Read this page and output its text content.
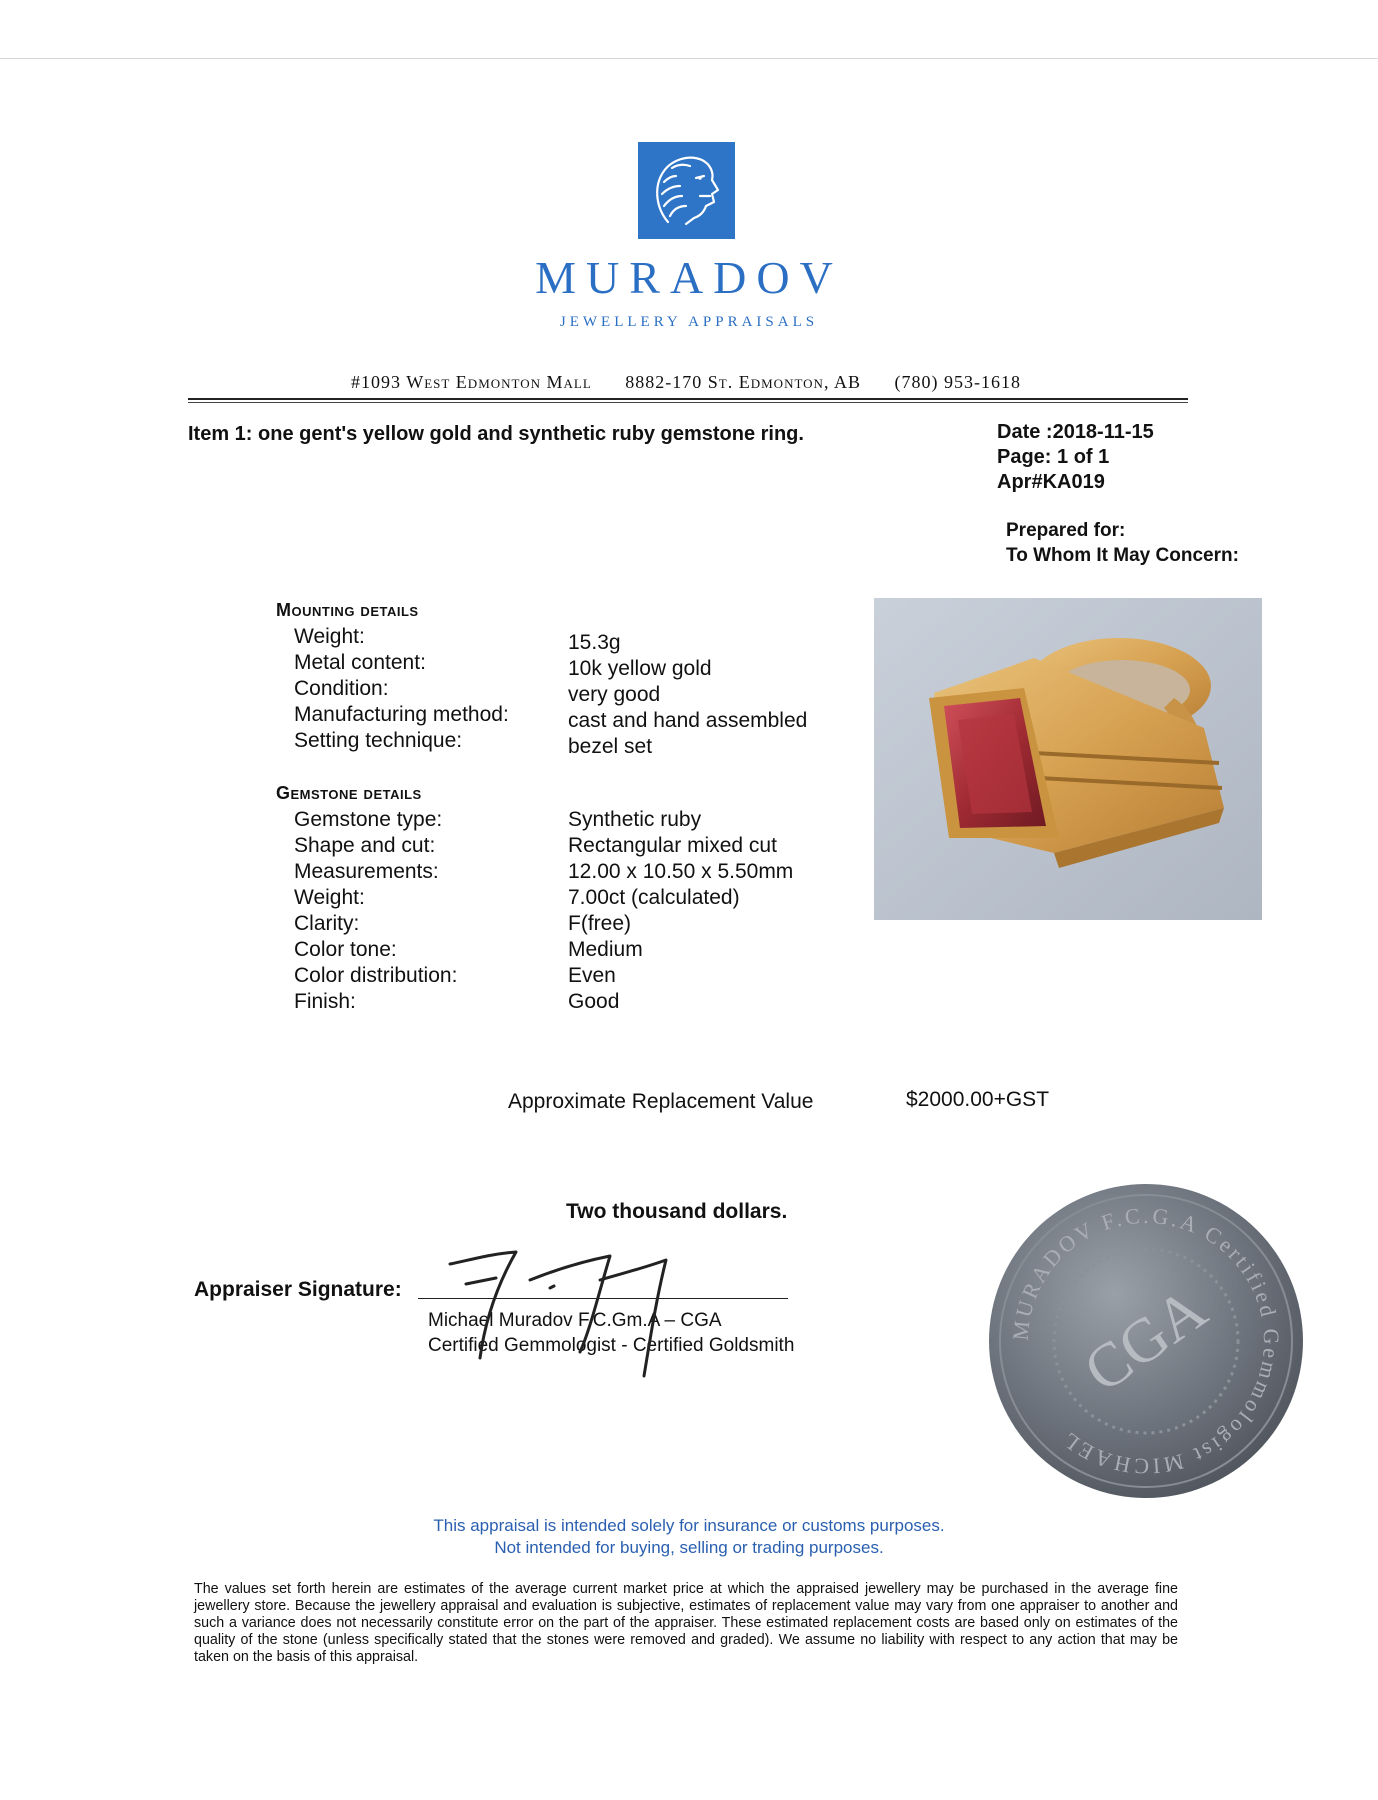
MURADOV
JEWELLERY APPRAISALS
#1093 West Edmonton Mall 8882-170 St. Edmonton, AB (780) 953-1618
Item 1: one gent's yellow gold and synthetic ruby gemstone ring.	Date :2018-11-15
Page: 1 of 1
Apr#KA019
Prepared for:
To Whom It May Concern:
Mounting details
Weight:	15.3g
Metal content:	10k yellow gold
Condition:	very good
Manufacturing method:	cast and hand assembled
Setting technique:	bezel set
Gemstone details
Gemstone type:	Synthetic ruby
Shape and cut:	Rectangular mixed cut
Measurements:	12.00 x 10.50 x 5.50mm
Weight:	7.00ct (calculated)
Clarity:	F(free)
Color tone:	Medium
Color distribution:	Even
Finish:	Good
Approximate Replacement Value	$2000.00+GST
Two thousand dollars.
Appraiser Signature:
Michael Muradov F.C.Gm.A – CGA
Certified Gemmologist - Certified Goldsmith
MURADOV F.C.G.A Certified Gemmologist MICHAEL
CGA
This appraisal is intended solely for insurance or customs purposes.
Not intended for buying, selling or trading purposes.
The values set forth herein are estimates of the average current market price at which the appraised jewellery may be purchased in the average fine jewellery store. Because the jewellery appraisal and evaluation is subjective, estimates of replacement value may vary from one appraiser to another and such a variance does not necessarily constitute error on the part of the appraiser. These estimated replacement costs are based only on estimates of the quality of the stone (unless specifically stated that the stones were removed and graded). We assume no liability with respect to any action that may be taken on the basis of this appraisal.
